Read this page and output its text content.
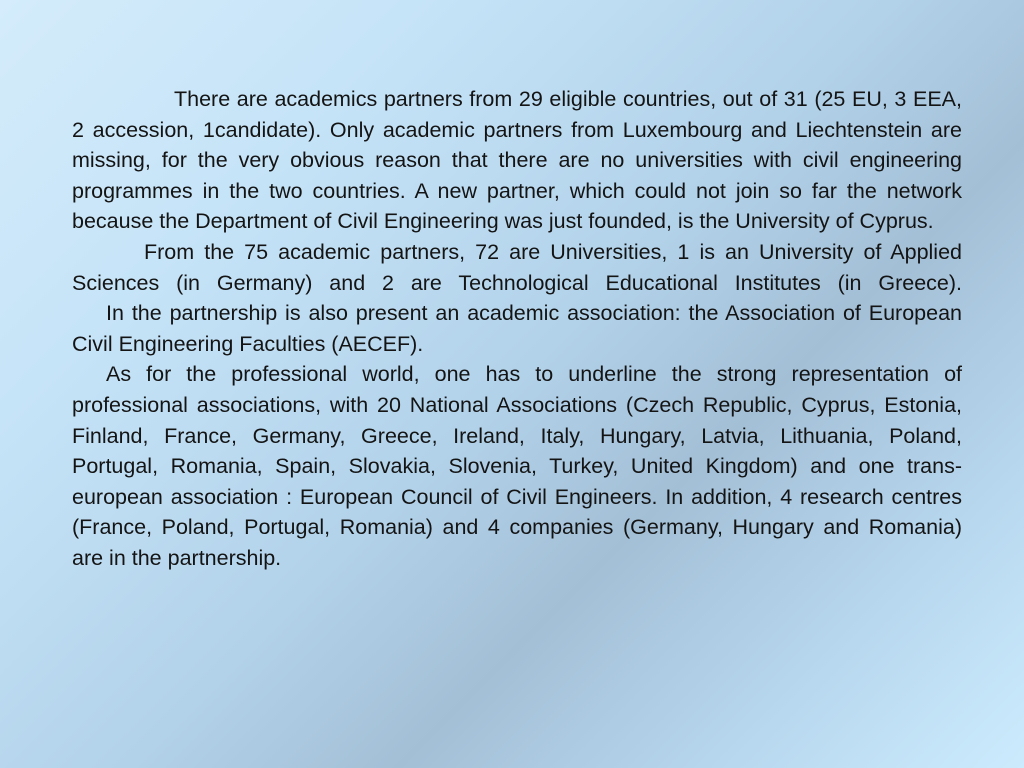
There are academics partners from 29 eligible countries, out of 31 (25 EU, 3 EEA, 2 accession, 1candidate). Only academic partners from Luxembourg and Liechtenstein are missing, for the very obvious reason that there are no universities with civil engineering programmes in the two countries. A new partner, which could not join so far the network because the Department of Civil Engineering was just founded, is the University of Cyprus.

From the 75 academic partners, 72 are Universities, 1 is an University of Applied Sciences (in Germany) and 2 are Technological Educational Institutes (in Greece).

In the partnership is also present an academic association: the Association of European Civil Engineering Faculties (AECEF).

As for the professional world, one has to underline the strong representation of professional associations, with 20 National Associations (Czech Republic, Cyprus, Estonia, Finland, France, Germany, Greece, Ireland, Italy, Hungary, Latvia, Lithuania, Poland, Portugal, Romania, Spain, Slovakia, Slovenia, Turkey, United Kingdom) and one trans-european association : European Council of Civil Engineers. In addition, 4 research centres (France, Poland, Portugal, Romania) and 4 companies (Germany, Hungary and Romania) are in the partnership.
